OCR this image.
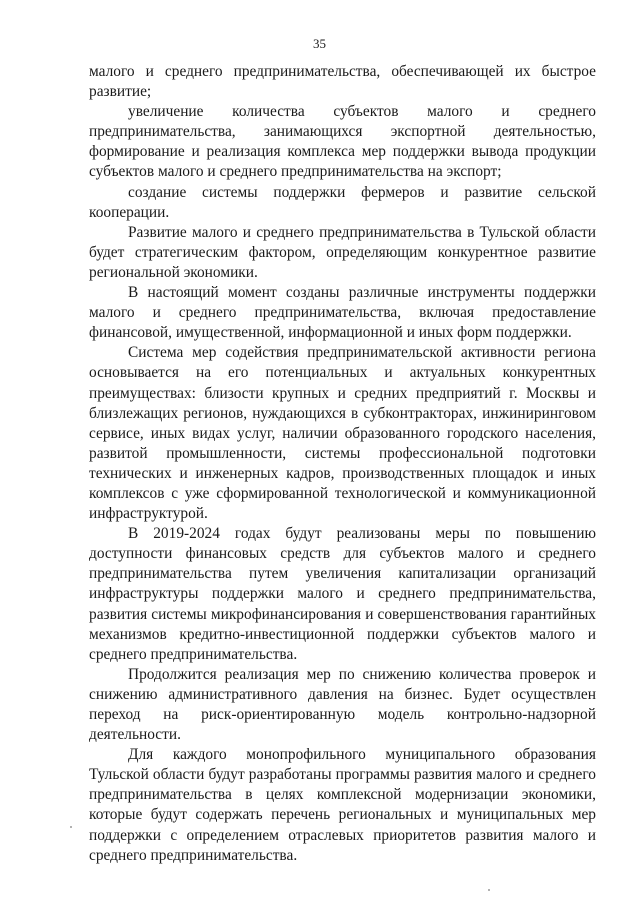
35

малого и среднего предпринимательства, обеспечивающей их быстрое развитие;

увеличение количества субъектов малого и среднего предпринимательства, занимающихся экспортной деятельностью, формирование и реализация комплекса мер поддержки вывода продукции субъектов малого и среднего предпринимательства на экспорт;

создание системы поддержки фермеров и развитие сельской кооперации.

Развитие малого и среднего предпринимательства в Тульской области будет стратегическим фактором, определяющим конкурентное развитие региональной экономики.

В настоящий момент созданы различные инструменты поддержки малого и среднего предпринимательства, включая предоставление финансовой, имущественной, информационной и иных форм поддержки.

Система мер содействия предпринимательской активности региона основывается на его потенциальных и актуальных конкурентных преимуществах: близости крупных и средних предприятий г. Москвы и близлежащих регионов, нуждающихся в субконтракторах, инжиниринговом сервисе, иных видах услуг, наличии образованного городского населения, развитой промышленности, системы профессиональной подготовки технических и инженерных кадров, производственных площадок и иных комплексов с уже сформированной технологической и коммуникационной инфраструктурой.

В 2019-2024 годах будут реализованы меры по повышению доступности финансовых средств для субъектов малого и среднего предпринимательства путем увеличения капитализации организаций инфраструктуры поддержки малого и среднего предпринимательства, развития системы микрофинансирования и совершенствования гарантийных механизмов кредитно-инвестиционной поддержки субъектов малого и среднего предпринимательства.

Продолжится реализация мер по снижению количества проверок и снижению административного давления на бизнес. Будет осуществлен переход на риск-ориентированную модель контрольно-надзорной деятельности.

Для каждого монопрофильного муниципального образования Тульской области будут разработаны программы развития малого и среднего предпринимательства в целях комплексной модернизации экономики, которые будут содержать перечень региональных и муниципальных мер поддержки с определением отраслевых приоритетов развития малого и среднего предпринимательства.
